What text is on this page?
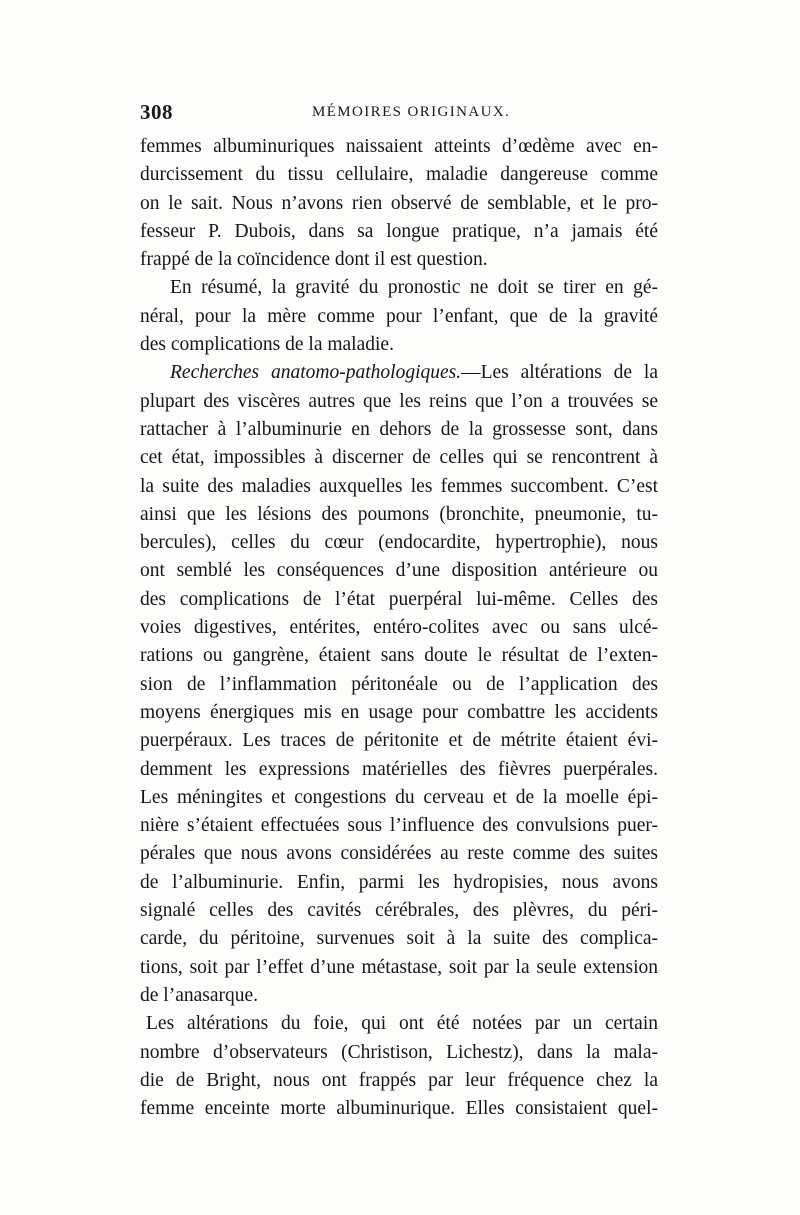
308	MÉMOIRES ORIGINAUX.
femmes albuminuriques naissaient atteints d’œdème avec en-
durcissement du tissu cellulaire, maladie dangereuse comme
on le sait. Nous n’avons rien observé de semblable, et le pro-
fesseur P. Dubois, dans sa longue pratique, n’a jamais été
frappé de la coïncidence dont il est question.
En résumé, la gravité du pronostic ne doit se tirer en gé-
néral, pour la mère comme pour l’enfant, que de la gravité
des complications de la maladie.
Recherches anatomo-pathologiques.—Les altérations de la
plupart des viscères autres que les reins que l’on a trouvées se
rattacher à l’albuminurie en dehors de la grossesse sont, dans
cet état, impossibles à discerner de celles qui se rencontrent à
la suite des maladies auxquelles les femmes succombent. C’est
ainsi que les lésions des poumons (bronchite, pneumonie, tu-
bercules), celles du cœur (endocardite, hypertrophie), nous
ont semblé les conséquences d’une disposition antérieure ou
des complications de l’état puerpéral lui-même. Celles des
voies digestives, entérites, entéro-colites avec ou sans ulcé-
rations ou gangrène, étaient sans doute le résultat de l’exten-
sion de l’inflammation péritonéale ou de l’application des
moyens énergiques mis en usage pour combattre les accidents
puerpéraux. Les traces de péritonite et de métrite étaient évi-
demment les expressions matérielles des fièvres puerpérales.
Les méningites et congestions du cerveau et de la moelle épi-
nière s’étaient effectuées sous l’influence des convulsions puer-
pérales que nous avons considérées au reste comme des suites
de l’albuminurie. Enfin, parmi les hydropisies, nous avons
signalé celles des cavités cérébrales, des plèvres, du péri-
carde, du péritoine, survenues soit à la suite des complica-
tions, soit par l’effet d’une métastase, soit par la seule extension
de l’anasarque.
Les altérations du foie, qui ont été notées par un certain
nombre d’observateurs (Christison, Lichestz), dans la mala-
die de Bright, nous ont frappés par leur fréquence chez la
femme enceinte morte albuminurique. Elles consistaient quel-
